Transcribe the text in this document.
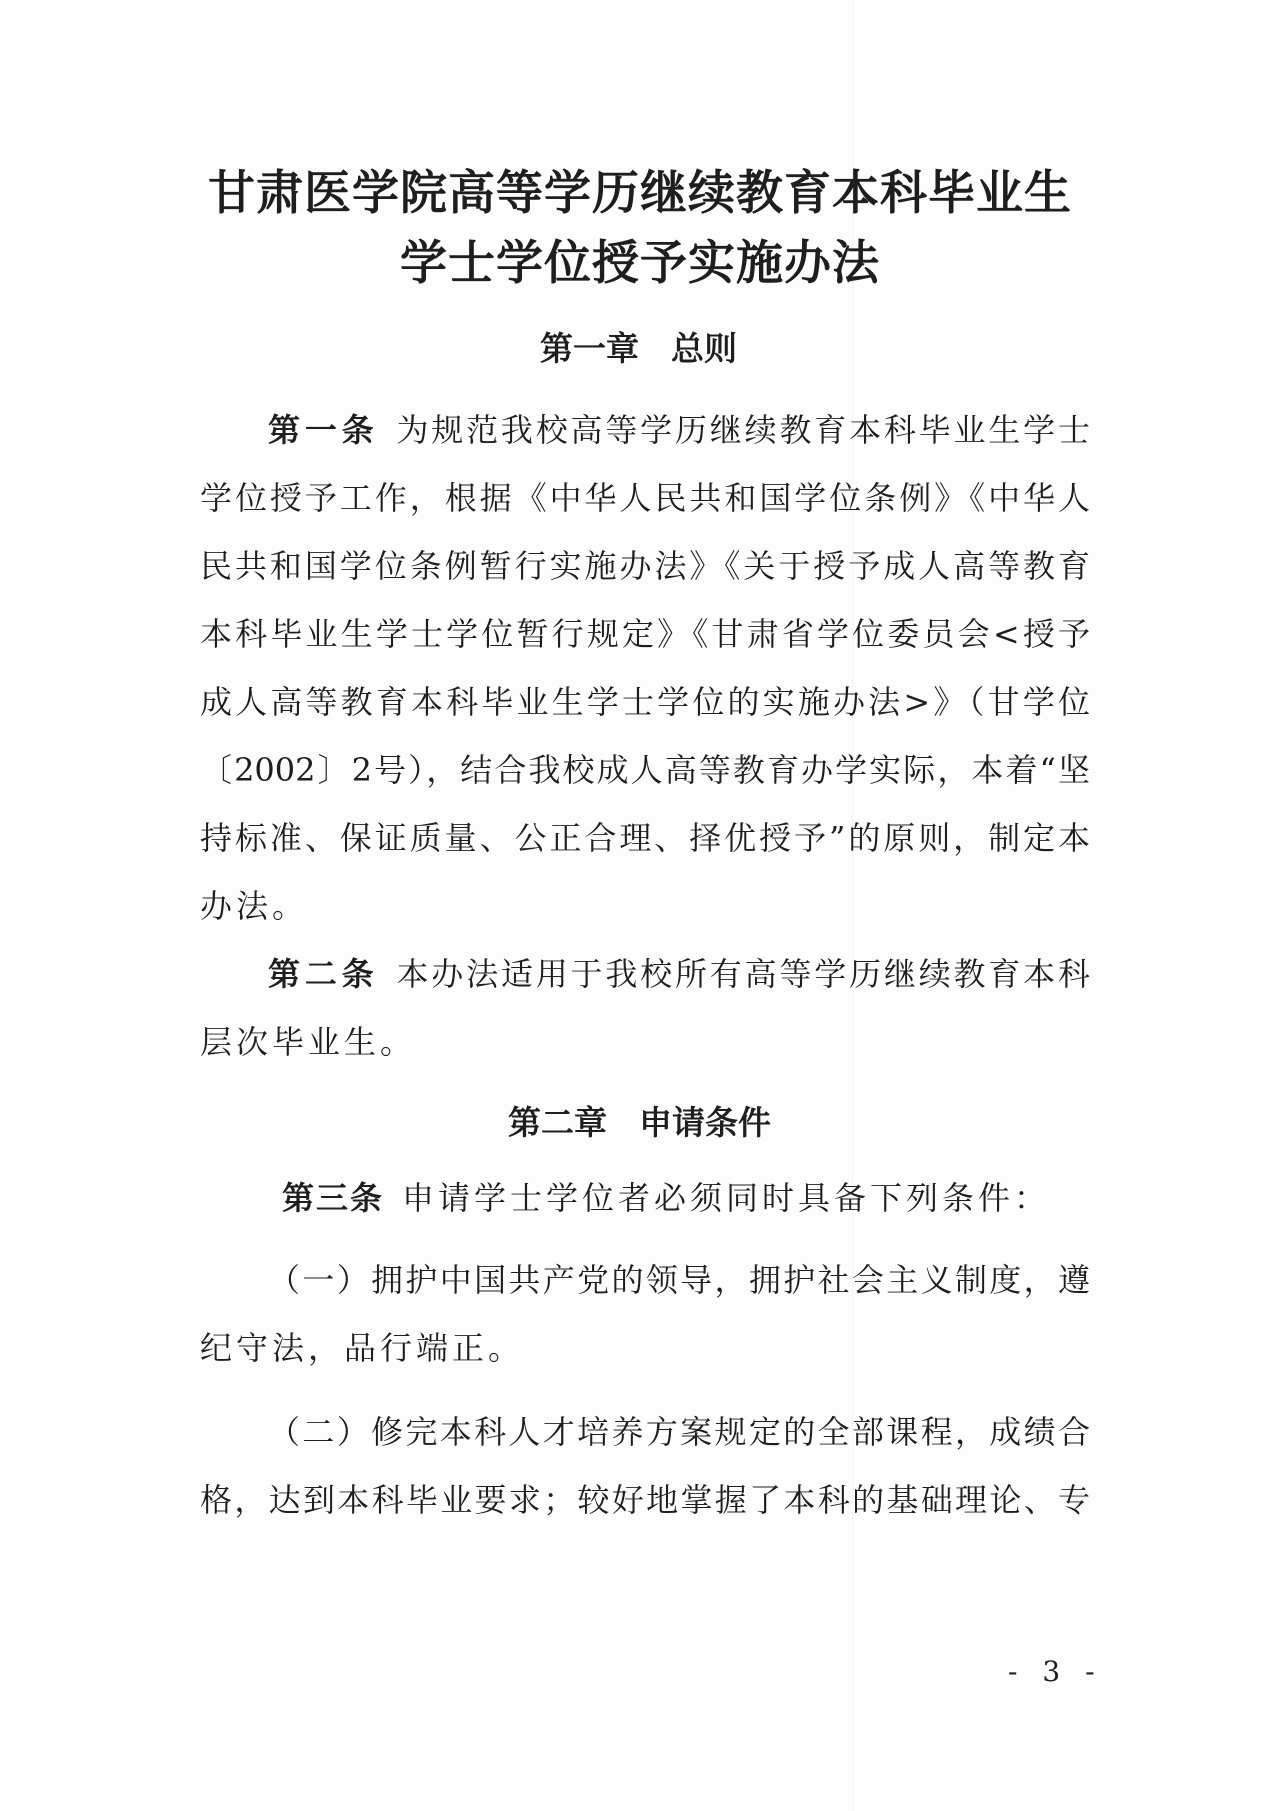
甘肃医学院高等学历继续教育本科毕业生
学士学位授予实施办法
第一章 总则
第一条 为规范我校高等学历继续教育本科毕业生学士
学位授予工作，根据《中华人民共和国学位条例》《中华人
民共和国学位条例暂行实施办法》《关于授予成人高等教育
本科毕业生学士学位暂行规定》《甘肃省学位委员会<授予
成人高等教育本科毕业生学士学位的实施办法>》（甘学位
〔2002〕2号），结合我校成人高等教育办学实际，本着“坚
持标准、保证质量、公正合理、择优授予”的原则，制定本
办法。
第二条 本办法适用于我校所有高等学历继续教育本科
层次毕业生。
第二章 申请条件
第三条 申请学士学位者必须同时具备下列条件：
（一）拥护中国共产党的领导，拥护社会主义制度，遵
纪守法，品行端正。
（二）修完本科人才培养方案规定的全部课程，成绩合
格，达到本科毕业要求；较好地掌握了本科的基础理论、专
- 3 -
